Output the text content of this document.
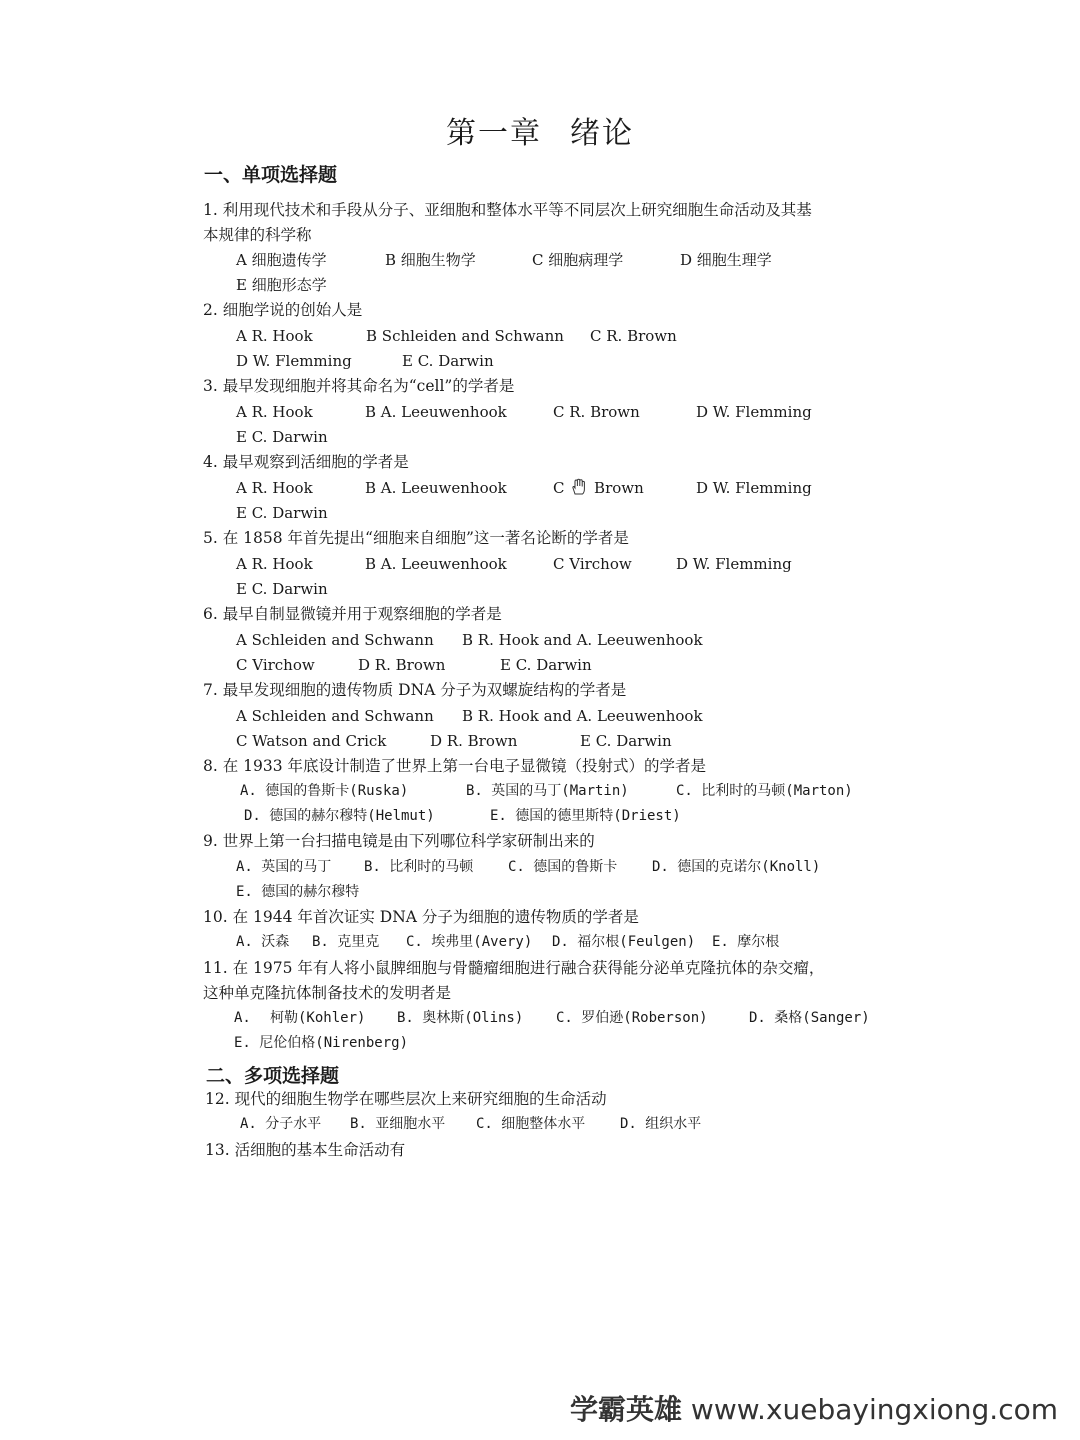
第一章 绪论
一、单项选择题
1. 利用现代技术和手段从分子、亚细胞和整体水平等不同层次上研究细胞生命活动及其基
本规律的科学称
A 细胞遗传学	B 细胞生物学	C 细胞病理学	D 细胞生理学
E 细胞形态学
2. 细胞学说的创始人是
A R. Hook	B Schleiden and Schwann C R. Brown
D W. Flemming	E C. Darwin
3. 最早发现细胞并将其命名为“cell”的学者是
A R. Hook	B A. Leeuwenhook	C R. Brown	D W. Flemming
E C. Darwin
4. 最早观察到活细胞的学者是
A R. Hook	B A. Leeuwenhook	C Brown	D W. Flemming
E C. Darwin
5. 在 1858 年首先提出“细胞来自细胞”这一著名论断的学者是
A R. Hook	B A. Leeuwenhook	C Virchow	D W. Flemming
E C. Darwin
6. 最早自制显微镜并用于观察细胞的学者是
A Schleiden and Schwann B R. Hook and A. Leeuwenhook
C Virchow	D R. Brown	E C. Darwin
7. 最早发现细胞的遗传物质 DNA 分子为双螺旋结构的学者是
A Schleiden and Schwann B R. Hook and A. Leeuwenhook
C Watson and Crick	D R. Brown	E C. Darwin
8. 在 1933 年底设计制造了世界上第一台电子显微镜（投射式）的学者是
A. 德国的鲁斯卡(Ruska)	B. 英国的马丁(Martin)	C. 比利时的马顿(Marton)
D. 德国的赫尔穆特(Helmut)	E. 德国的德里斯特(Driest)
9. 世界上第一台扫描电镜是由下列哪位科学家研制出来的
A. 英国的马丁 B. 比利时的马顿 C. 德国的鲁斯卡 D. 德国的克诺尔(Knoll)
E. 德国的赫尔穆特
10. 在 1944 年首次证实 DNA 分子为细胞的遗传物质的学者是
A. 沃森 B. 克里克 C. 埃弗里(Avery) D. 福尔根(Feulgen) E. 摩尔根
11. 在 1975 年有人将小鼠脾细胞与骨髓瘤细胞进行融合获得能分泌单克隆抗体的杂交瘤，
这种单克隆抗体制备技术的发明者是
A. 柯勒(Kohler) B. 奥林斯(Olins) C. 罗伯逊(Roberson)	D. 桑格(Sanger)
E. 尼伦伯格(Nirenberg)
二、多项选择题
12. 现代的细胞生物学在哪些层次上来研究细胞的生命活动
A. 分子水平 B. 亚细胞水平 C. 细胞整体水平 D. 组织水平
13. 活细胞的基本生命活动有
学霸英雄 www.xuebayingxiong.com
